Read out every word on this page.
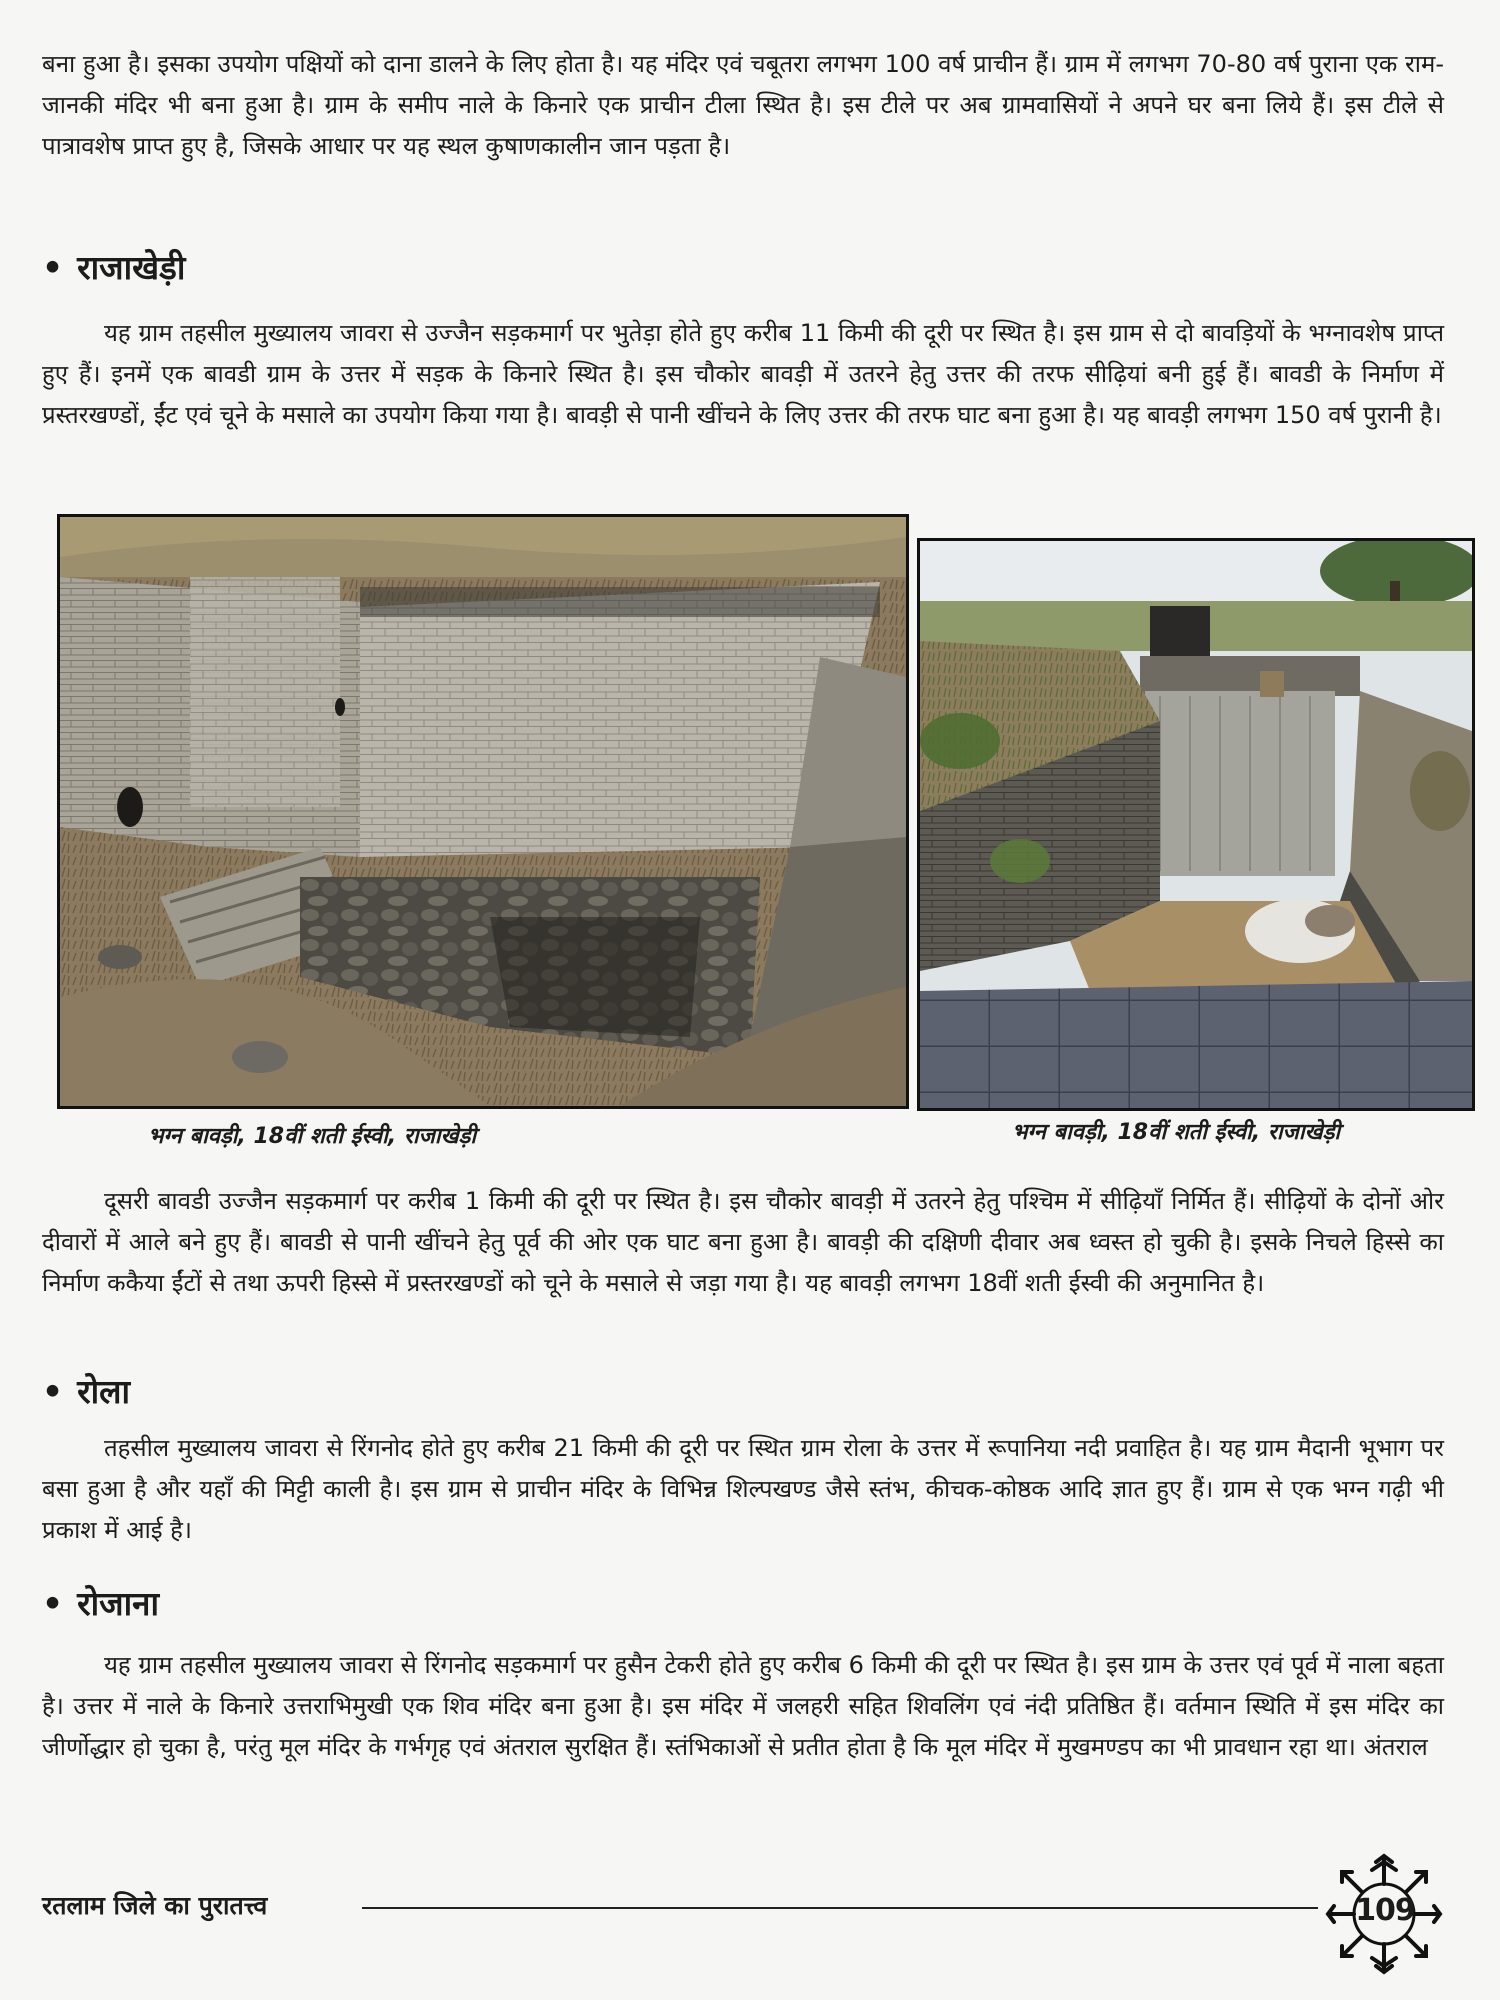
बना हुआ है। इसका उपयोग पक्षियों को दाना डालने के लिए होता है। यह मंदिर एवं चबूतरा लगभग 100 वर्ष प्राचीन हैं। ग्राम में लगभग 70-80 वर्ष पुराना एक राम-जानकी मंदिर भी बना हुआ है। ग्राम के समीप नाले के किनारे एक प्राचीन टीला स्थित है। इस टीले पर अब ग्रामवासियों ने अपने घर बना लिये हैं। इस टीले से पात्रावशेष प्राप्त हुए है, जिसके आधार पर यह स्थल कुषाणकालीन जान पड़ता है।

• राजाखेड़ी

यह ग्राम तहसील मुख्यालय जावरा से उज्जैन सड़कमार्ग पर भुतेड़ा होते हुए करीब 11 किमी की दूरी पर स्थित है। इस ग्राम से दो बावड़ियों के भग्नावशेष प्राप्त हुए हैं। इनमें एक बावडी ग्राम के उत्तर में सड़क के किनारे स्थित है। इस चौकोर बावड़ी में उतरने हेतु उत्तर की तरफ सीढ़ियां बनी हुई हैं। बावडी के निर्माण में प्रस्तरखण्डों, ईंट एवं चूने के मसाले का उपयोग किया गया है। बावड़ी से पानी खींचने के लिए उत्तर की तरफ घाट बना हुआ है। यह बावड़ी लगभग 150 वर्ष पुरानी है।

भग्न बावड़ी, 18वीं शती ईस्वी, राजाखेड़ी	भग्न बावड़ी, 18वीं शती ईस्वी, राजाखेड़ी

दूसरी बावडी उज्जैन सड़कमार्ग पर करीब 1 किमी की दूरी पर स्थित है। इस चौकोर बावड़ी में उतरने हेतु पश्चिम में सीढ़ियाँ निर्मित हैं। सीढ़ियों के दोनों ओर दीवारों में आले बने हुए हैं। बावडी से पानी खींचने हेतु पूर्व की ओर एक घाट बना हुआ है। बावड़ी की दक्षिणी दीवार अब ध्वस्त हो चुकी है। इसके निचले हिस्से का निर्माण ककैया ईंटों से तथा ऊपरी हिस्से में प्रस्तरखण्डों को चूने के मसाले से जड़ा गया है। यह बावड़ी लगभग 18वीं शती ईस्वी की अनुमानित है।

• रोला

तहसील मुख्यालय जावरा से रिंगनोद होते हुए करीब 21 किमी की दूरी पर स्थित ग्राम रोला के उत्तर में रूपानिया नदी प्रवाहित है। यह ग्राम मैदानी भूभाग पर बसा हुआ है और यहाँ की मिट्टी काली है। इस ग्राम से प्राचीन मंदिर के विभिन्न शिल्पखण्ड जैसे स्तंभ, कीचक-कोष्ठक आदि ज्ञात हुए हैं। ग्राम से एक भग्न गढ़ी भी प्रकाश में आई है।

• रोजाना

यह ग्राम तहसील मुख्यालय जावरा से रिंगनोद सड़कमार्ग पर हुसैन टेकरी होते हुए करीब 6 किमी की दूरी पर स्थित है। इस ग्राम के उत्तर एवं पूर्व में नाला बहता है। उत्तर में नाले के किनारे उत्तराभिमुखी एक शिव मंदिर बना हुआ है। इस मंदिर में जलहरी सहित शिवलिंग एवं नंदी प्रतिष्ठित हैं। वर्तमान स्थिति में इस मंदिर का जीर्णोद्धार हो चुका है, परंतु मूल मंदिर के गर्भगृह एवं अंतराल सुरक्षित हैं। स्तंभिकाओं से प्रतीत होता है कि मूल मंदिर में मुखमण्डप का भी प्रावधान रहा था। अंतराल

रतलाम जिले का पुरातत्त्व	109
